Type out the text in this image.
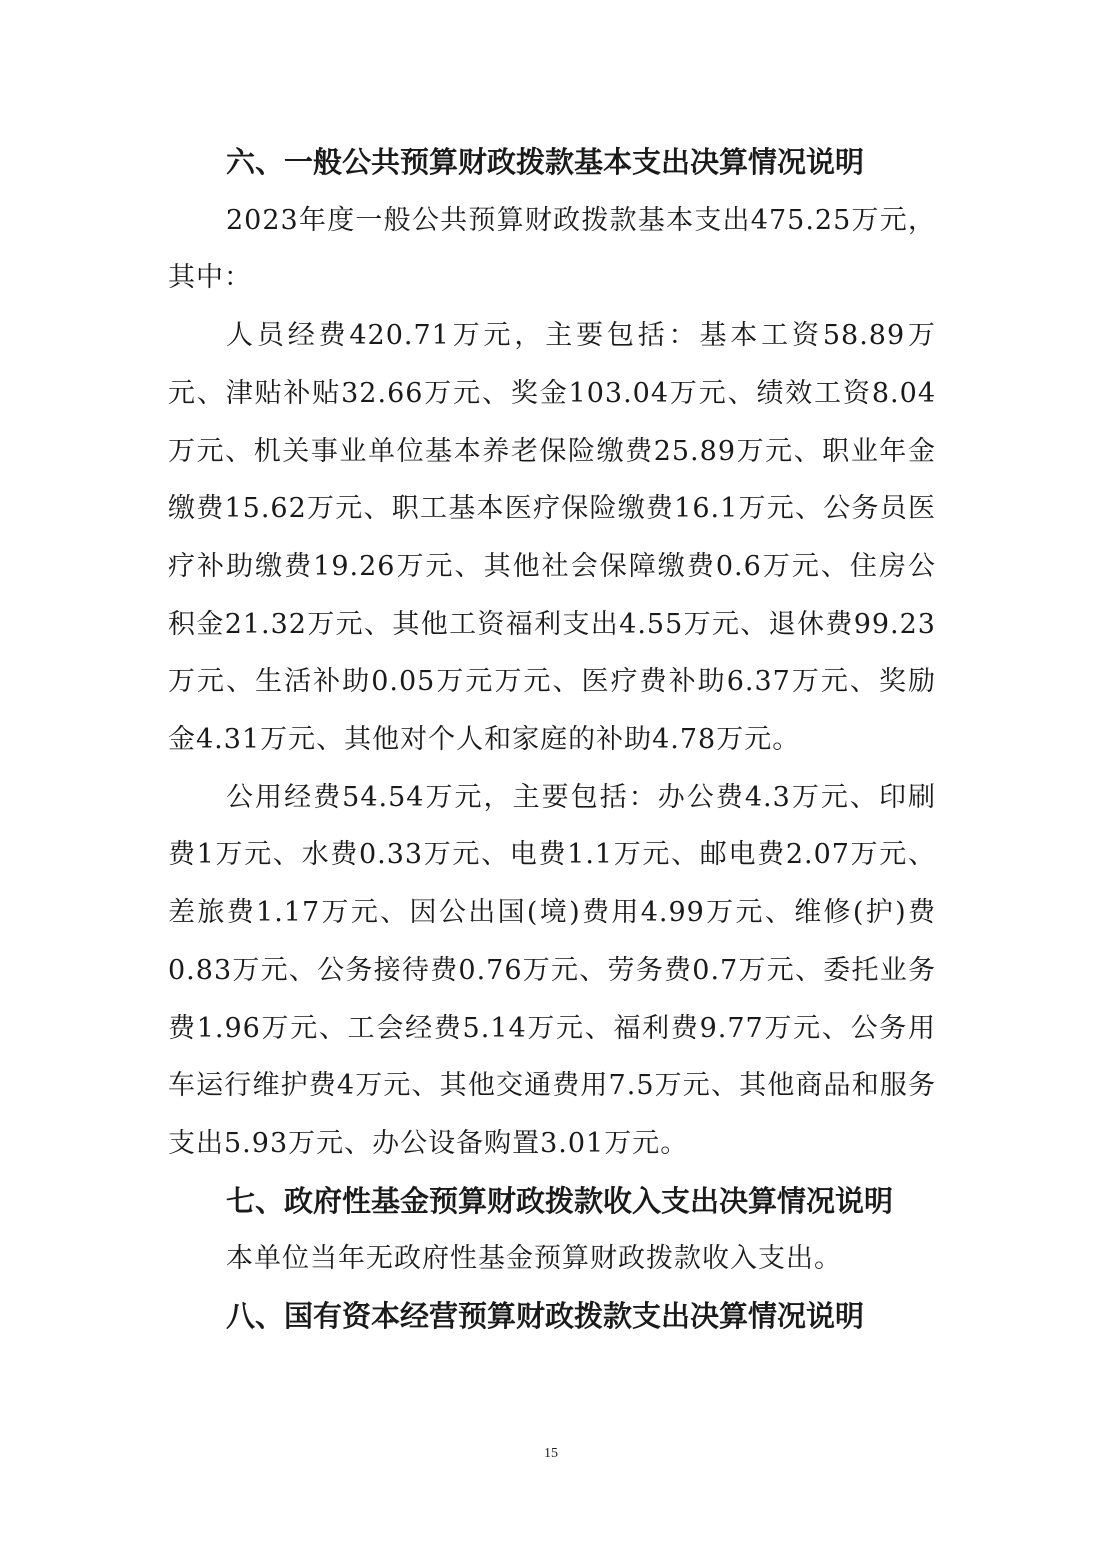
六、一般公共预算财政拨款基本支出决算情况说明

2023年度一般公共预算财政拨款基本支出475.25万元，其中：

人员经费420.71万元，主要包括：基本工资58.89万元、津贴补贴32.66万元、奖金103.04万元、绩效工资8.04万元、机关事业单位基本养老保险缴费25.89万元、职业年金缴费15.62万元、职工基本医疗保险缴费16.1万元、公务员医疗补助缴费19.26万元、其他社会保障缴费0.6万元、住房公积金21.32万元、其他工资福利支出4.55万元、退休费99.23万元、生活补助0.05万元万元、医疗费补助6.37万元、奖励金4.31万元、其他对个人和家庭的补助4.78万元。

公用经费54.54万元，主要包括：办公费4.3万元、印刷费1万元、水费0.33万元、电费1.1万元、邮电费2.07万元、差旅费1.17万元、因公出国(境)费用4.99万元、维修(护)费0.83万元、公务接待费0.76万元、劳务费0.7万元、委托业务费1.96万元、工会经费5.14万元、福利费9.77万元、公务用车运行维护费4万元、其他交通费用7.5万元、其他商品和服务支出5.93万元、办公设备购置3.01万元。

七、政府性基金预算财政拨款收入支出决算情况说明

本单位当年无政府性基金预算财政拨款收入支出。

八、国有资本经营预算财政拨款支出决算情况说明
15
